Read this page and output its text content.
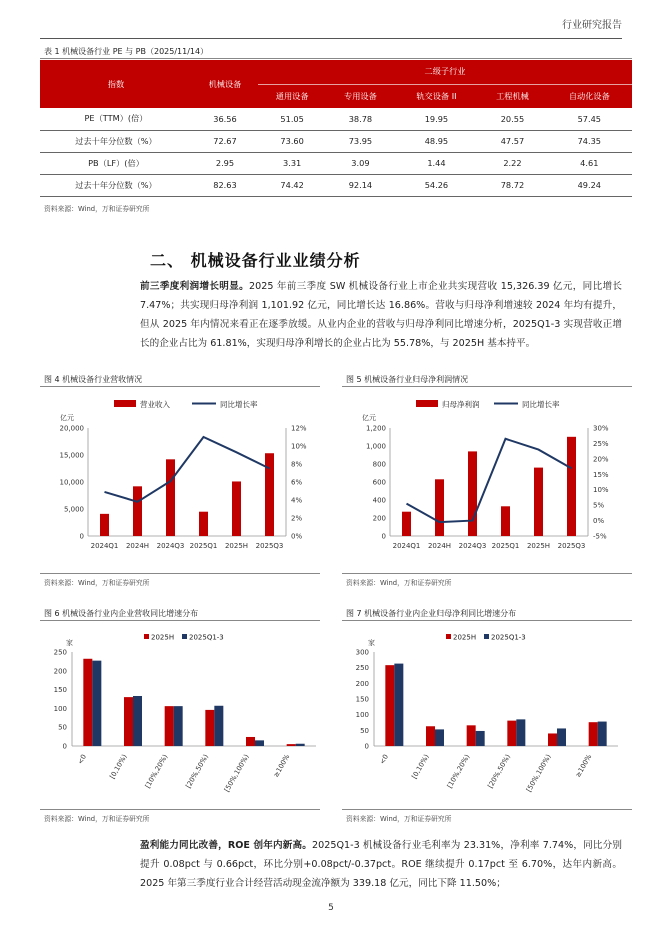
行业研究报告
表 1 机械设备行业 PE 与 PB（2025/11/14）
指数	机械设备	二级子行业				
		通用设备	专用设备	轨交设备 II	工程机械	自动化设备
PE（TTM）(倍）	36.56	51.05	38.78	19.95	20.55	57.45
过去十年分位数（%）	72.67	73.60	73.95	48.95	47.57	74.35
PB（LF）(倍）	2.95	3.31	3.09	1.44	2.22	4.61
过去十年分位数（%）	82.63	74.42	92.14	54.26	78.72	49.24
资料来源：Wind，万和证券研究所
二、 机械设备行业业绩分析
前三季度利润增长明显。2025 年前三季度 SW 机械设备行业上市企业共实现营收 15,326.39 亿元，同比增长 7.47%；共实现归母净利润 1,101.92 亿元，同比增长达 16.86%。营收与归母净利增速较 2024 年均有提升，但从 2025 年内情况来看正在逐季放缓。从业内企业的营收与归母净利同比增速分析，2025Q1-3 实现营收正增长的企业占比为 61.81%，实现归母净利增长的企业占比为 55.78%，与 2025H 基本持平。
图 4 机械设备行业营收情况	图 5 机械设备行业归母净利润情况
营业收入	同比增长率
亿元
0
5,000
10,000
15,000
20,000
0%
2%
4%
6%
8%
10%
12%
2024Q1 2024H 2024Q3 2025Q1 2025H 2025Q3
归母净利润	同比增长率
亿元
0
200
400
600
800
1,000
1,200
-5%
0%
5%
10%
15%
20%
25%
30%
2024Q1 2024H 2024Q3 2025Q1 2025H 2025Q3
资料来源：Wind，万和证券研究所	资料来源：Wind，万和证券研究所
图 6 机械设备行业内企业营收同比增速分布	图 7 机械设备行业内企业归母净利同比增速分布
2025H 2025Q1-3
家
0
50
100
150
200
250
<0	[0,10%) [10%,20%) [20%,50%) [50%,100%)	≥100%
2025H 2025Q1-3
家
0
50
100
150
200
250
300
<0	[0,10%) [10%,20%) [20%,50%) [50%,100%)	≥100%
资料来源：Wind，万和证券研究所	资料来源：Wind，万和证券研究所
盈利能力同比改善，ROE 创年内新高。2025Q1-3 机械设备行业毛利率为 23.31%，净利率 7.74%，同比分别提升 0.08pct 与 0.66pct，环比分别+0.08pct/-0.37pct。ROE 继续提升 0.17pct 至 6.70%，达年内新高。2025 年第三季度行业合计经营活动现金流净额为 339.18 亿元，同比下降 11.50%；
5
